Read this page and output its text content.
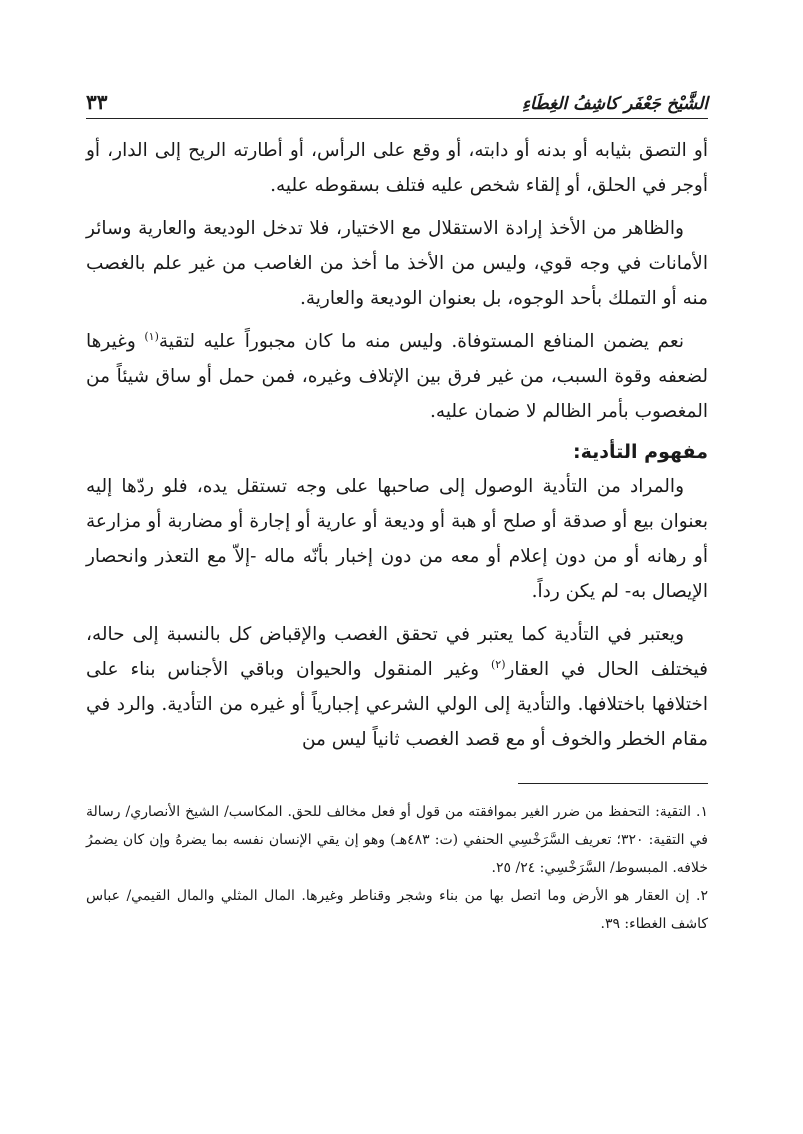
الشَّيْخ جَعْفَر كاشِفُ الغِطَاءِ
٣٣

أو التصق بثيابه أو بدنه أو دابته، أو وقع على الرأس، أو أطارته الريح إلى الدار، أو أوجر في الحلق، أو إلقاء شخص عليه فتلف بسقوطه عليه.

والظاهر من الأخذ إرادة الاستقلال مع الاختيار، فلا تدخل الوديعة والعارية وسائر الأمانات في وجه قوي، وليس من الأخذ ما أخذ من الغاصب من غير علم بالغصب منه أو التملك بأحد الوجوه، بل بعنوان الوديعة والعارية.

نعم يضمن المنافع المستوفاة. وليس منه ما كان مجبوراً عليه لتقية$^{(١)}$ وغيرها لضعفه وقوة السبب، من غير فرق بين الإتلاف وغيره، فمن حمل أو ساق شيئاً من المغصوب بأمر الظالم لا ضمان عليه.

مفهوم التأدية:

والمراد من التأدية الوصول إلى صاحبها على وجه تستقل يده، فلو ردّها إليه بعنوان بيع أو صدقة أو صلح أو هبة أو وديعة أو عارية أو إجارة أو مضاربة أو مزارعة أو رهانه أو من دون إعلام أو معه من دون إخبار بأنّه ماله -إلاّ مع التعذر وانحصار الإيصال به- لم يكن رداً.

ويعتبر في التأدية كما يعتبر في تحقق الغصب والإقباض كل بالنسبة إلى حاله، فيختلف الحال في العقار$^{(٢)}$ وغير المنقول والحيوان وباقي الأجناس بناء على اختلافها باختلافها. والتأدية إلى الولي الشرعي إجبارياً أو غيره من التأدية. والرد في مقام الخطر والخوف أو مع قصد الغصب ثانياً ليس من

١. التقية: التحفظ من ضرر الغير بموافقته من قول أو فعل مخالف للحق. المكاسب/ الشيخ الأنصاري/ رسالة في التقية: ٣٢٠؛ تعريف السَّرَخْسِي الحنفي (ت: ٤٨٣هـ) وهو إن يقي الإنسان نفسه بما يضرهُ وإن كان يضمرُ خلافه. المبسوط/ السَّرَخْسِي: ٢٤/ ٢٥.

٢. إن العقار هو الأرض وما اتصل بها من بناء وشجر وقناطر وغيرها. المال المثلي والمال القيمي/ عباس كاشف الغطاء: ٣٩.
